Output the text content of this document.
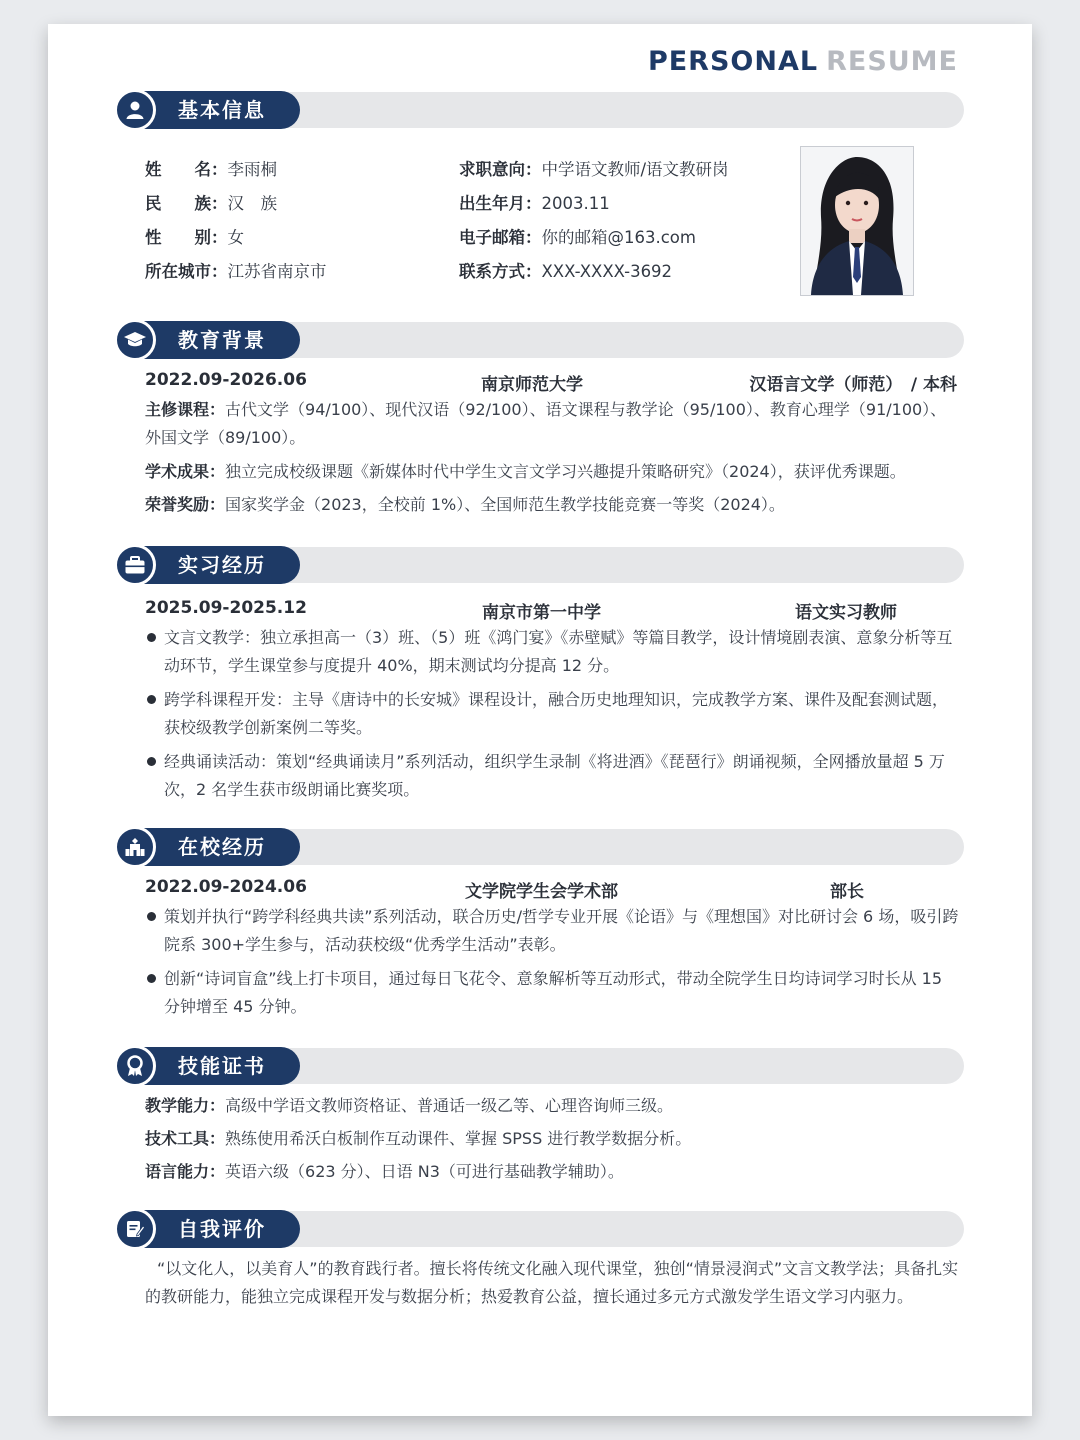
PERSONAL RESUME
基本信息
姓　　名：李雨桐
民　　族：汉　族
性　　别：女
所在城市：江苏省南京市
求职意向：中学语文教师/语文教研岗
出生年月：2003.11
电子邮箱：你的邮箱@163.com
联系方式：XXX-XXXX-3692
教育背景
2022.09-2026.06	南京师范大学	汉语言文学（师范）　/ 本科
主修课程：古代文学（94/100）、现代汉语（92/100）、语文课程与教学论（95/100）、教育心理学（91/100）、外国文学（89/100）。
学术成果：独立完成校级课题《新媒体时代中学生文言文学习兴趣提升策略研究》（2024），获评优秀课题。
荣誉奖励：国家奖学金（2023，全校前 1%）、全国师范生教学技能竞赛一等奖（2024）。
实习经历
2025.09-2025.12	南京市第一中学	语文实习教师
文言文教学：独立承担高一（3）班、（5）班《鸿门宴》《赤壁赋》等篇目教学，设计情境剧表演、意象分析等互动环节，学生课堂参与度提升 40%，期末测试均分提高 12 分。
跨学科课程开发：主导《唐诗中的长安城》课程设计，融合历史地理知识，完成教学方案、课件及配套测试题，获校级教学创新案例二等奖。
经典诵读活动：策划“经典诵读月”系列活动，组织学生录制《将进酒》《琵琶行》朗诵视频，全网播放量超 5 万次，2 名学生获市级朗诵比赛奖项。
在校经历
2022.09-2024.06	文学院学生会学术部	部长
策划并执行“跨学科经典共读”系列活动，联合历史/哲学专业开展《论语》与《理想国》对比研讨会 6 场，吸引跨院系 300+学生参与，活动获校级“优秀学生活动”表彰。
创新“诗词盲盒”线上打卡项目，通过每日飞花令、意象解析等互动形式，带动全院学生日均诗词学习时长从 15 分钟增至 45 分钟。
技能证书
教学能力：高级中学语文教师资格证、普通话一级乙等、心理咨询师三级。
技术工具：熟练使用希沃白板制作互动课件、掌握 SPSS 进行教学数据分析。
语言能力：英语六级（623 分）、日语 N3（可进行基础教学辅助）。
自我评价
“以文化人，以美育人”的教育践行者。擅长将传统文化融入现代课堂，独创“情景浸润式”文言文教学法；具备扎实的教研能力，能独立完成课程开发与数据分析；热爱教育公益，擅长通过多元方式激发学生语文学习内驱力。
